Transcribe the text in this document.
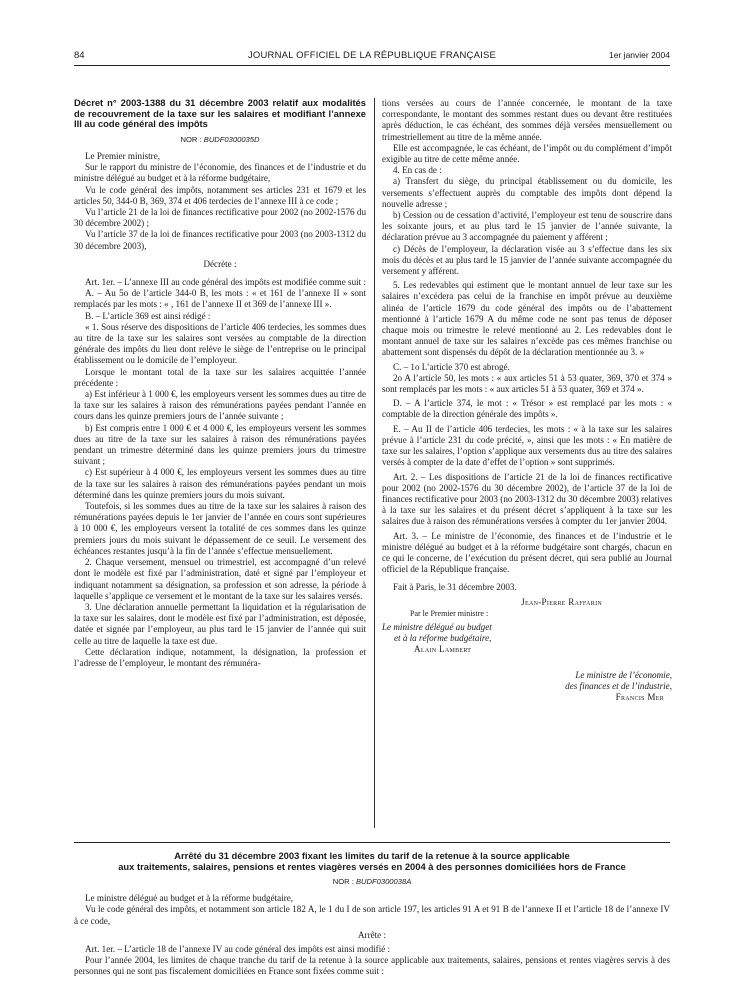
84	JOURNAL OFFICIEL DE LA RÉPUBLIQUE FRANÇAISE	1er janvier 2004

Décret n° 2003-1388 du 31 décembre 2003 relatif aux modalités de recouvrement de la taxe sur les salaires et modifiant l’annexe III au code général des impôts

NOR : BUDF0300035D

Le Premier ministre,

Sur le rapport du ministre de l’économie, des finances et de l’industrie et du ministre délégué au budget et à la réforme budgétaire,

Vu le code général des impôts, notamment ses articles 231 et 1679 et les articles 50, 344-0 B, 369, 374 et 406 terdecies de l’annexe III à ce code ;

Vu l’article 21 de la loi de finances rectificative pour 2002 (no 2002-1576 du 30 décembre 2002) ;

Vu l’article 37 de la loi de finances rectificative pour 2003 (no 2003-1312 du 30 décembre 2003),

Décrète :

Art. 1er. – L’annexe III au code général des impôts est modifiée comme suit :

A. – Au 5o de l’article 344-0 B, les mots : « et 161 de l’annexe II » sont remplacés par les mots : « , 161 de l’annexe II et 369 de l’annexe III ».

B. – L’article 369 est ainsi rédigé :

« 1. Sous réserve des dispositions de l’article 406 terdecies, les sommes dues au titre de la taxe sur les salaires sont versées au comptable de la direction générale des impôts du lieu dont relève le siège de l’entreprise ou le principal établissement ou le domicile de l’employeur.

Lorsque le montant total de la taxe sur les salaires acquittée l’année précédente :

a) Est inférieur à 1 000 €, les employeurs versent les sommes dues au titre de la taxe sur les salaires à raison des rémunérations payées pendant l’année en cours dans les quinze premiers jours de l’année suivante ;

b) Est compris entre 1 000 € et 4 000 €, les employeurs versent les sommes dues au titre de la taxe sur les salaires à raison des rémunérations payées pendant un trimestre déterminé dans les quinze premiers jours du trimestre suivant ;

c) Est supérieur à 4 000 €, les employeurs versent les sommes dues au titre de la taxe sur les salaires à raison des rémunérations payées pendant un mois déterminé dans les quinze premiers jours du mois suivant.

Toutefois, si les sommes dues au titre de la taxe sur les salaires à raison des rémunérations payées depuis le 1er janvier de l’année en cours sont supérieures à 10 000 €, les employeurs versent la totalité de ces sommes dans les quinze premiers jours du mois suivant le dépassement de ce seuil. Le versement des échéances restantes jusqu’à la fin de l’année s’effectue mensuellement.

2. Chaque versement, mensuel ou trimestriel, est accompagné d’un relevé dont le modèle est fixé par l’administration, daté et signé par l’employeur et indiquant notamment sa désignation, sa profession et son adresse, la période à laquelle s’applique ce versement et le montant de la taxe sur les salaires versés.

3. Une déclaration annuelle permettant la liquidation et la régularisation de la taxe sur les salaires, dont le modèle est fixé par l’administration, est déposée, datée et signée par l’employeur, au plus tard le 15 janvier de l’année qui suit celle au titre de laquelle la taxe est due.

Cette déclaration indique, notamment, la désignation, la profession et l’adresse de l’employeur, le montant des rémunéra-

tions versées au cours de l’année concernée, le montant de la taxe correspondante, le montant des sommes restant dues ou devant être restituées après déduction, le cas échéant, des sommes déjà versées mensuellement ou trimestriellement au titre de la même année.

Elle est accompagnée, le cas échéant, de l’impôt ou du complément d’impôt exigible au titre de cette même année.

4. En cas de :

a) Transfert du siège, du principal établissement ou du domicile, les versements s’effectuent auprès du comptable des impôts dont dépend la nouvelle adresse ;

b) Cession ou de cessation d’activité, l’employeur est tenu de souscrire dans les soixante jours, et au plus tard le 15 janvier de l’année suivante, la déclaration prévue au 3 accompagnée du paiement y afférent ;

c) Décès de l’employeur, la déclaration visée au 3 s’effectue dans les six mois du décès et au plus tard le 15 janvier de l’année suivante accompagnée du versement y afférent.

5. Les redevables qui estiment que le montant annuel de leur taxe sur les salaires n’excédera pas celui de la franchise en impôt prévue au deuxième alinéa de l’article 1679 du code général des impôts ou de l’abattement mentionné à l’article 1679 A du même code ne sont pas tenus de déposer chaque mois ou trimestre le relevé mentionné au 2. Les redevables dont le montant annuel de taxe sur les salaires n’excède pas ces mêmes franchise ou abattement sont dispensés du dépôt de la déclaration mentionnée au 3. »

C. – 1o L’article 370 est abrogé.

2o A l’article 50, les mots : « aux articles 51 à 53 quater, 369, 370 et 374 » sont remplacés par les mots : « aux articles 51 à 53 quater, 369 et 374 ».

D. – A l’article 374, le mot : « Trésor » est remplacé par les mots : « comptable de la direction générale des impôts ».

E. – Au II de l’article 406 terdecies, les mots : « à la taxe sur les salaires prévue à l’article 231 du code précité, », ainsi que les mots : « En matière de taxe sur les salaires, l’option s’applique aux versements dus au titre des salaires versés à compter de la date d’effet de l’option » sont supprimés.

Art. 2. – Les dispositions de l’article 21 de la loi de finances rectificative pour 2002 (no 2002-1576 du 30 décembre 2002), de l’article 37 de la loi de finances rectificative pour 2003 (no 2003-1312 du 30 décembre 2003) relatives à la taxe sur les salaires et du présent décret s’appliquent à la taxe sur les salaires due à raison des rémunérations versées à compter du 1er janvier 2004.

Art. 3. – Le ministre de l’économie, des finances et de l’industrie et le ministre délégué au budget et à la réforme budgétaire sont chargés, chacun en ce qui le concerne, de l’exécution du présent décret, qui sera publié au Journal officiel de la République française.

Fait à Paris, le 31 décembre 2003.

Jean-Pierre Raffarin

Par le Premier ministre :

Le ministre délégué au budget

et à la réforme budgétaire,

Alain Lambert

Le ministre de l’économie,

des finances et de l’industrie,

Francis Mer

Arrêté du 31 décembre 2003 fixant les limites du tarif de la retenue à la source applicable

aux traitements, salaires, pensions et rentes viagères versés en 2004 à des personnes domiciliées hors de France

NOR : BUDF0300038A

Le ministre délégué au budget et à la réforme budgétaire,

Vu le code général des impôts, et notamment son article 182 A, le 1 du I de son article 197, les articles 91 A et 91 B de l’annexe II et l’article 18 de l’annexe IV à ce code,

Arrête :

Art. 1er. – L’article 18 de l’annexe IV au code général des impôts est ainsi modifié :

Pour l’année 2004, les limites de chaque tranche du tarif de la retenue à la source applicable aux traitements, salaires, pensions et rentes viagères servis à des personnes qui ne sont pas fiscalement domiciliées en France sont fixées comme suit :
